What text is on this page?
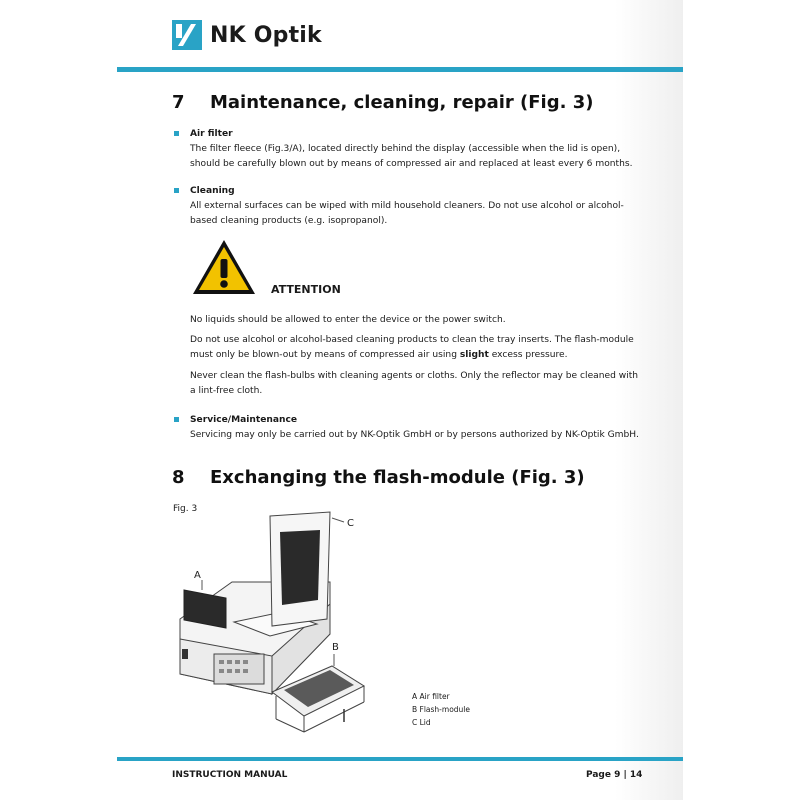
NK Optik
7 Maintenance, cleaning, repair (Fig. 3)
Air filter
The filter fleece (Fig.3/A), located directly behind the display (accessible when the lid is open), should be carefully blown out by means of compressed air and replaced at least every 6 months.
Cleaning
All external surfaces can be wiped with mild household cleaners. Do not use alcohol or alcohol-based cleaning products (e.g. isopropanol).
ATTENTION

No liquids should be allowed to enter the device or the power switch.

Do not use alcohol or alcohol-based cleaning products to clean the tray inserts. The flash-module must only be blown-out by means of compressed air using slight excess pressure.

Never clean the flash-bulbs with cleaning agents or cloths. Only the reflector may be cleaned with a lint-free cloth.

Service/Maintenance
Servicing may only be carried out by NK-Optik GmbH or by persons authorized by NK-Optik GmbH.
8 Exchanging the flash-module (Fig. 3)
Fig. 3
C
A
B
A Air filter
B Flash-module
C Lid
INSTRUCTION MANUAL	Page 9 | 14
